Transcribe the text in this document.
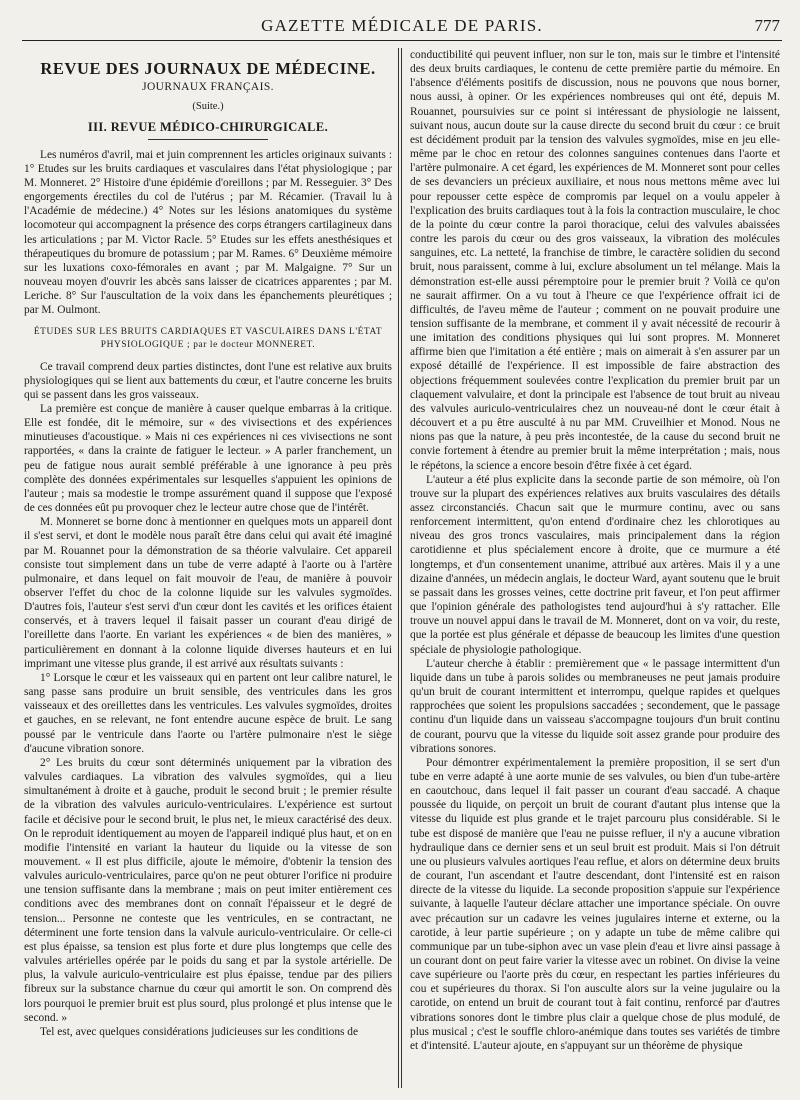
GAZETTE MÉDICALE DE PARIS.	777
REVUE DES JOURNAUX DE MÉDECINE.
JOURNAUX FRANÇAIS.
(Suite.)
III. REVUE MÉDICO-CHIRURGICALE.

Les numéros d'avril, mai et juin comprennent les articles originaux suivants : 1° Etudes sur les bruits cardiaques et vasculaires dans l'état physiologique ; par M. Monneret. 2° Histoire d'une épidémie d'oreillons ; par M. Resseguier. 3° Des engorgements érectiles du col de l'utérus ; par M. Récamier. (Travail lu à l'Académie de médecine.) 4° Notes sur les lésions anatomiques du système locomoteur qui accompagnent la présence des corps étrangers cartilagineux dans les articulations ; par M. Victor Racle. 5° Etudes sur les effets anesthésiques et thérapeutiques du bromure de potassium ; par M. Rames. 6° Deuxième mémoire sur les luxations coxo-fémorales en avant ; par M. Malgaigne. 7° Sur un nouveau moyen d'ouvrir les abcès sans laisser de cicatrices apparentes ; par M. Leriche. 8° Sur l'auscultation de la voix dans les épanchements pleurétiques ; par M. Oulmont.

ÉTUDES SUR LES BRUITS CARDIAQUES ET VASCULAIRES DANS L'ÉTAT PHYSIOLOGIQUE ; par le docteur MONNERET.

Ce travail comprend deux parties distinctes, dont l'une est relative aux bruits physiologiques qui se lient aux battements du cœur, et l'autre concerne les bruits qui se passent dans les gros vaisseaux.

La première est conçue de manière à causer quelque embarras à la critique. Elle est fondée, dit le mémoire, sur « des vivisections et des expériences minutieuses d'acoustique. » Mais ni ces expériences ni ces vivisections ne sont rapportées, « dans la crainte de fatiguer le lecteur. » A parler franchement, un peu de fatigue nous aurait semblé préférable à une ignorance à peu près complète des données expérimentales sur lesquelles s'appuient les opinions de l'auteur ; mais sa modestie le trompe assurément quand il suppose que l'exposé de ces données eût pu provoquer chez le lecteur autre chose que de l'intérêt.

M. Monneret se borne donc à mentionner en quelques mots un appareil dont il s'est servi, et dont le modèle nous paraît être dans celui qui avait été imaginé par M. Rouannet pour la démonstration de sa théorie valvulaire. Cet appareil consiste tout simplement dans un tube de verre adapté à l'aorte ou à l'artère pulmonaire, et dans lequel on fait mouvoir de l'eau, de manière à pouvoir observer l'effet du choc de la colonne liquide sur les valvules sygmoïdes. D'autres fois, l'auteur s'est servi d'un cœur dont les cavités et les orifices étaient conservés, et à travers lequel il faisait passer un courant d'eau dirigé de l'oreillette dans l'aorte. En variant les expériences « de bien des manières, » particulièrement en donnant à la colonne liquide diverses hauteurs et en lui imprimant une vitesse plus grande, il est arrivé aux résultats suivants :

1° Lorsque le cœur et les vaisseaux qui en partent ont leur calibre naturel, le sang passe sans produire un bruit sensible, des ventricules dans les gros vaisseaux et des oreillettes dans les ventricules. Les valvules sygmoïdes, droites et gauches, en se relevant, ne font entendre aucune espèce de bruit. Le sang poussé par le ventricule dans l'aorte ou l'artère pulmonaire n'est le siège d'aucune vibration sonore.

2° Les bruits du cœur sont déterminés uniquement par la vibration des valvules cardiaques. La vibration des valvules sygmoïdes, qui a lieu simultanément à droite et à gauche, produit le second bruit ; le premier résulte de la vibration des valvules auriculo-ventriculaires. L'expérience est surtout facile et décisive pour le second bruit, le plus net, le mieux caractérisé des deux. On le reproduit identiquement au moyen de l'appareil indiqué plus haut, et on en modifie l'intensité en variant la hauteur du liquide ou la vitesse de son mouvement. « Il est plus difficile, ajoute le mémoire, d'obtenir la tension des valvules auriculo-ventriculaires, parce qu'on ne peut obturer l'orifice ni produire une tension suffisante dans la membrane ; mais on peut imiter entièrement ces conditions avec des membranes dont on connaît l'épaisseur et le degré de tension... Personne ne conteste que les ventricules, en se contractant, ne déterminent une forte tension dans la valvule auriculo-ventriculaire. Or celle-ci est plus épaisse, sa tension est plus forte et dure plus longtemps que celle des valvules artérielles opérée par le poids du sang et par la systole artérielle. De plus, la valvule auriculo-ventriculaire est plus épaisse, tendue par des piliers fibreux sur la substance charnue du cœur qui amortit le son. On comprend dès lors pourquoi le premier bruit est plus sourd, plus prolongé et plus intense que le second. »

Tel est, avec quelques considérations judicieuses sur les conditions de

conductibilité qui peuvent influer, non sur le ton, mais sur le timbre et l'intensité des deux bruits cardiaques, le contenu de cette première partie du mémoire. En l'absence d'éléments positifs de discussion, nous ne pouvons que nous borner, nous aussi, à opiner. Or les expériences nombreuses qui ont été, depuis M. Rouannet, poursuivies sur ce point si intéressant de physiologie ne laissent, suivant nous, aucun doute sur la cause directe du second bruit du cœur : ce bruit est décidément produit par la tension des valvules sygmoïdes, mise en jeu elle-même par le choc en retour des colonnes sanguines contenues dans l'aorte et l'artère pulmonaire. A cet égard, les expériences de M. Monneret sont pour celles de ses devanciers un précieux auxiliaire, et nous nous mettons même avec lui pour repousser cette espèce de compromis par lequel on a voulu appeler à l'explication des bruits cardiaques tout à la fois la contraction musculaire, le choc de la pointe du cœur contre la paroi thoracique, celui des valvules abaissées contre les parois du cœur ou des gros vaisseaux, la vibration des molécules sanguines, etc. La netteté, la franchise de timbre, le caractère solidien du second bruit, nous paraissent, comme à lui, exclure absolument un tel mélange. Mais la démonstration est-elle aussi péremptoire pour le premier bruit ? Voilà ce qu'on ne saurait affirmer. On a vu tout à l'heure ce que l'expérience offrait ici de difficultés, de l'aveu même de l'auteur ; comment on ne pouvait produire une tension suffisante de la membrane, et comment il y avait nécessité de recourir à une imitation des conditions physiques qui lui sont propres. M. Monneret affirme bien que l'imitation a été entière ; mais on aimerait à s'en assurer par un exposé détaillé de l'expérience. Il est impossible de faire abstraction des objections fréquemment soulevées contre l'explication du premier bruit par un claquement valvulaire, et dont la principale est l'absence de tout bruit au niveau des valvules auriculo-ventriculaires chez un nouveau-né dont le cœur était à découvert et a pu être ausculté à nu par MM. Cruveilhier et Monod. Nous ne nions pas que la nature, à peu près incontestée, de la cause du second bruit ne convie fortement à étendre au premier bruit la même interprétation ; mais, nous le répétons, la science a encore besoin d'être fixée à cet égard.

L'auteur a été plus explicite dans la seconde partie de son mémoire, où l'on trouve sur la plupart des expériences relatives aux bruits vasculaires des détails assez circonstanciés. Chacun sait que le murmure continu, avec ou sans renforcement intermittent, qu'on entend d'ordinaire chez les chlorotiques au niveau des gros troncs vasculaires, mais principalement dans la région carotidienne et plus spécialement encore à droite, que ce murmure a été longtemps, et d'un consentement unanime, attribué aux artères. Mais il y a une dizaine d'années, un médecin anglais, le docteur Ward, ayant soutenu que le bruit se passait dans les grosses veines, cette doctrine prit faveur, et l'on peut affirmer que l'opinion générale des pathologistes tend aujourd'hui à s'y rattacher. Elle trouve un nouvel appui dans le travail de M. Monneret, dont on va voir, du reste, que la portée est plus générale et dépasse de beaucoup les limites d'une question spéciale de physiologie pathologique.

L'auteur cherche à établir : premièrement que « le passage intermittent d'un liquide dans un tube à parois solides ou membraneuses ne peut jamais produire qu'un bruit de courant intermittent et interrompu, quelque rapides et quelques rapprochées que soient les propulsions saccadées ; secondement, que le passage continu d'un liquide dans un vaisseau s'accompagne toujours d'un bruit continu de courant, pourvu que la vitesse du liquide soit assez grande pour produire des vibrations sonores.

Pour démontrer expérimentalement la première proposition, il se sert d'un tube en verre adapté à une aorte munie de ses valvules, ou bien d'un tube-artère en caoutchouc, dans lequel il fait passer un courant d'eau saccadé. A chaque poussée du liquide, on perçoit un bruit de courant d'autant plus intense que la vitesse du liquide est plus grande et le trajet parcouru plus considérable. Si le tube est disposé de manière que l'eau ne puisse refluer, il n'y a aucune vibration hydraulique dans ce dernier sens et un seul bruit est produit. Mais si l'on détruit une ou plusieurs valvules aortiques l'eau reflue, et alors on détermine deux bruits de courant, l'un ascendant et l'autre descendant, dont l'intensité est en raison directe de la vitesse du liquide. La seconde proposition s'appuie sur l'expérience suivante, à laquelle l'auteur déclare attacher une importance spéciale. On ouvre avec précaution sur un cadavre les veines jugulaires interne et externe, ou la carotide, à leur partie supérieure ; on y adapte un tube de même calibre qui communique par un tube-siphon avec un vase plein d'eau et livre ainsi passage à un courant dont on peut faire varier la vitesse avec un robinet. On divise la veine cave supérieure ou l'aorte près du cœur, en respectant les parties inférieures du cou et supérieures du thorax. Si l'on ausculte alors sur la veine jugulaire ou la carotide, on entend un bruit de courant tout à fait continu, renforcé par d'autres vibrations sonores dont le timbre plus clair a quelque chose de plus modulé, de plus musical ; c'est le souffle chloro-anémique dans toutes ses variétés de timbre et d'intensité. L'auteur ajoute, en s'appuyant sur un théorème de physique
